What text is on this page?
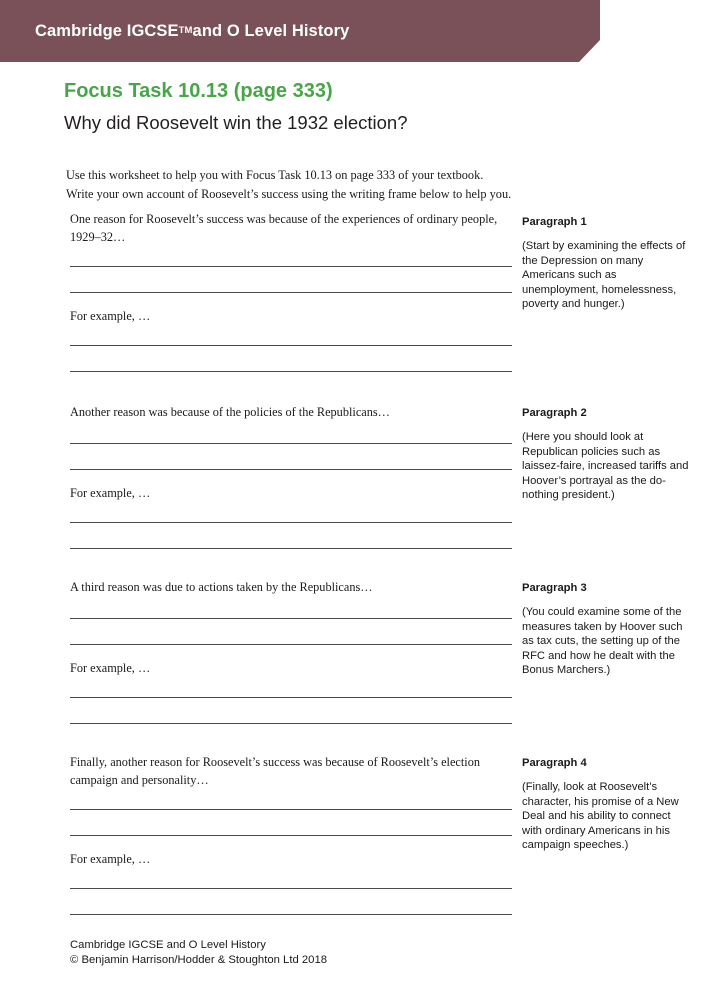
Cambridge IGCSE TM and O Level History
Focus Task 10.13 (page 333)
Why did Roosevelt win the 1932 election?
Use this worksheet to help you with Focus Task 10.13 on page 333 of your textbook.
Write your own account of Roosevelt’s success using the writing frame below to help you.

One reason for Roosevelt’s success was because of the experiences of ordinary people, 1929–32…

For example, …

Paragraph 1

(Start by examining the effects of the Depression on many Americans such as unemployment, homelessness, poverty and hunger.)

Another reason was because of the policies of the Republicans…

For example, …

Paragraph 2

(Here you should look at Republican policies such as laissez-faire, increased tariffs and Hoover’s portrayal as the do-nothing president.)

A third reason was due to actions taken by the Republicans…

For example, …

Paragraph 3

(You could examine some of the measures taken by Hoover such as tax cuts, the setting up of the RFC and how he dealt with the Bonus Marchers.)

Finally, another reason for Roosevelt’s success was because of Roosevelt’s election campaign and personality…

For example, …

Paragraph 4

(Finally, look at Roosevelt’s character, his promise of a New Deal and his ability to connect with ordinary Americans in his campaign speeches.)

Cambridge IGCSE and O Level History
© Benjamin Harrison/Hodder & Stoughton Ltd 2018
